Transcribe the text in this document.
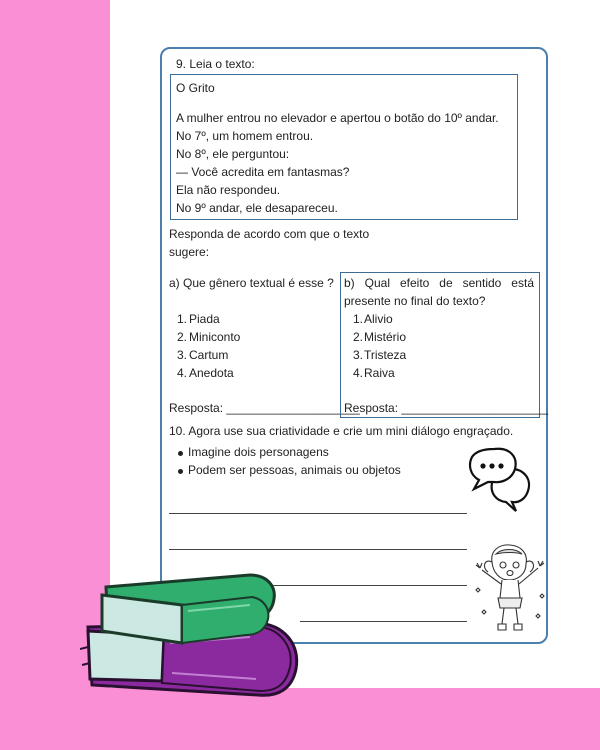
9. Leia o texto:
O Grito
A mulher entrou no elevador e apertou o botão do 10º andar.
No 7º, um homem entrou.
No 8º, ele perguntou:
— Você acredita em fantasmas?
Ela não respondeu.
No 9º andar, ele desapareceu.
Responda de acordo com que o texto
sugere:
a) Que gênero textual é esse ?
1. Piada
2. Miniconto
3. Cartum
4. Anedota
Resposta: ____________________
b) Qual efeito de sentido está presente no final do texto?
1. Alivio
2. Mistério
3. Tristeza
4. Raiva
Resposta: ______________________
10. Agora use sua criatividade e crie um mini diálogo engraçado.
Imagine dois personagens
Podem ser pessoas, animais ou objetos
